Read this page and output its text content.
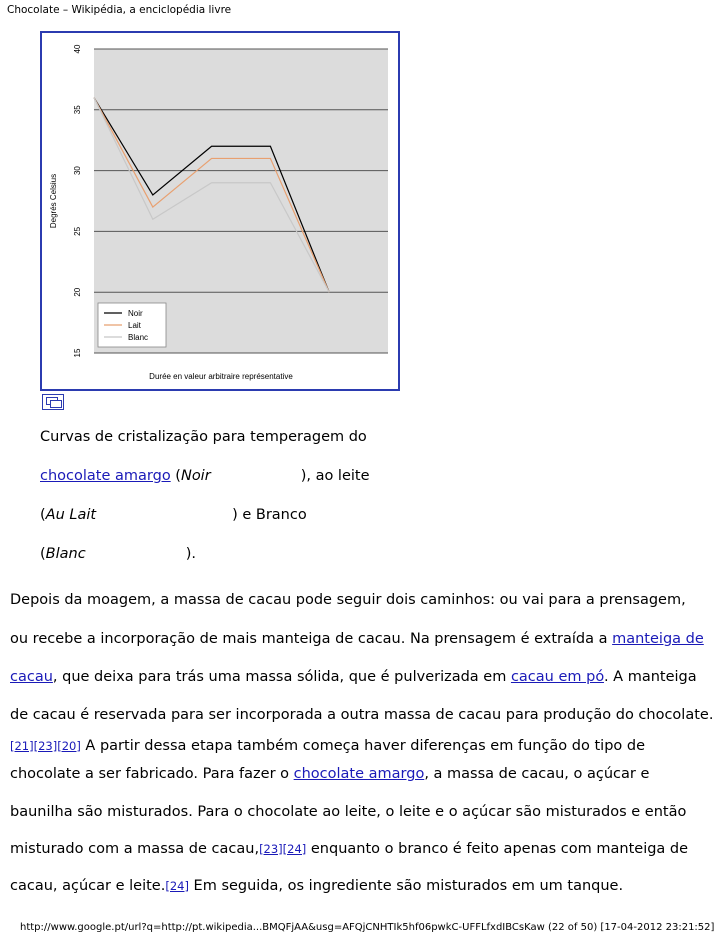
Chocolate – Wikipédia, a enciclopédia livre
15
20
25
30
35
40
Degrés Celsius
Durée en valeur arbitraire représentative
Noir
Lait
Blanc
Curvas de cristalização para temperagem do
chocolate amargo (Noir	), ao leite
(Au Lait	) e Branco
(Blanc	).
Depois da moagem, a massa de cacau pode seguir dois caminhos: ou vai para a prensagem,
ou recebe a incorporação de mais manteiga de cacau. Na prensagem é extraída a manteiga de
cacau, que deixa para trás uma massa sólida, que é pulverizada em cacau em pó. A manteiga
de cacau é reservada para ser incorporada a outra massa de cacau para produção do chocolate.
[21][23][20] A partir dessa etapa também começa haver diferenças em função do tipo de
chocolate a ser fabricado. Para fazer o chocolate amargo, a massa de cacau, o açúcar e
baunilha são misturados. Para o chocolate ao leite, o leite e o açúcar são misturados e então
misturado com a massa de cacau,[23][24] enquanto o branco é feito apenas com manteiga de
cacau, açúcar e leite.[24] Em seguida, os ingrediente são misturados em um tanque.
http://www.google.pt/url?q=http://pt.wikipedia...BMQFjAA&usg=AFQjCNHTIk5hf06pwkC-UFFLfxdIBCsKaw (22 of 50) [17-04-2012 23:21:52]
